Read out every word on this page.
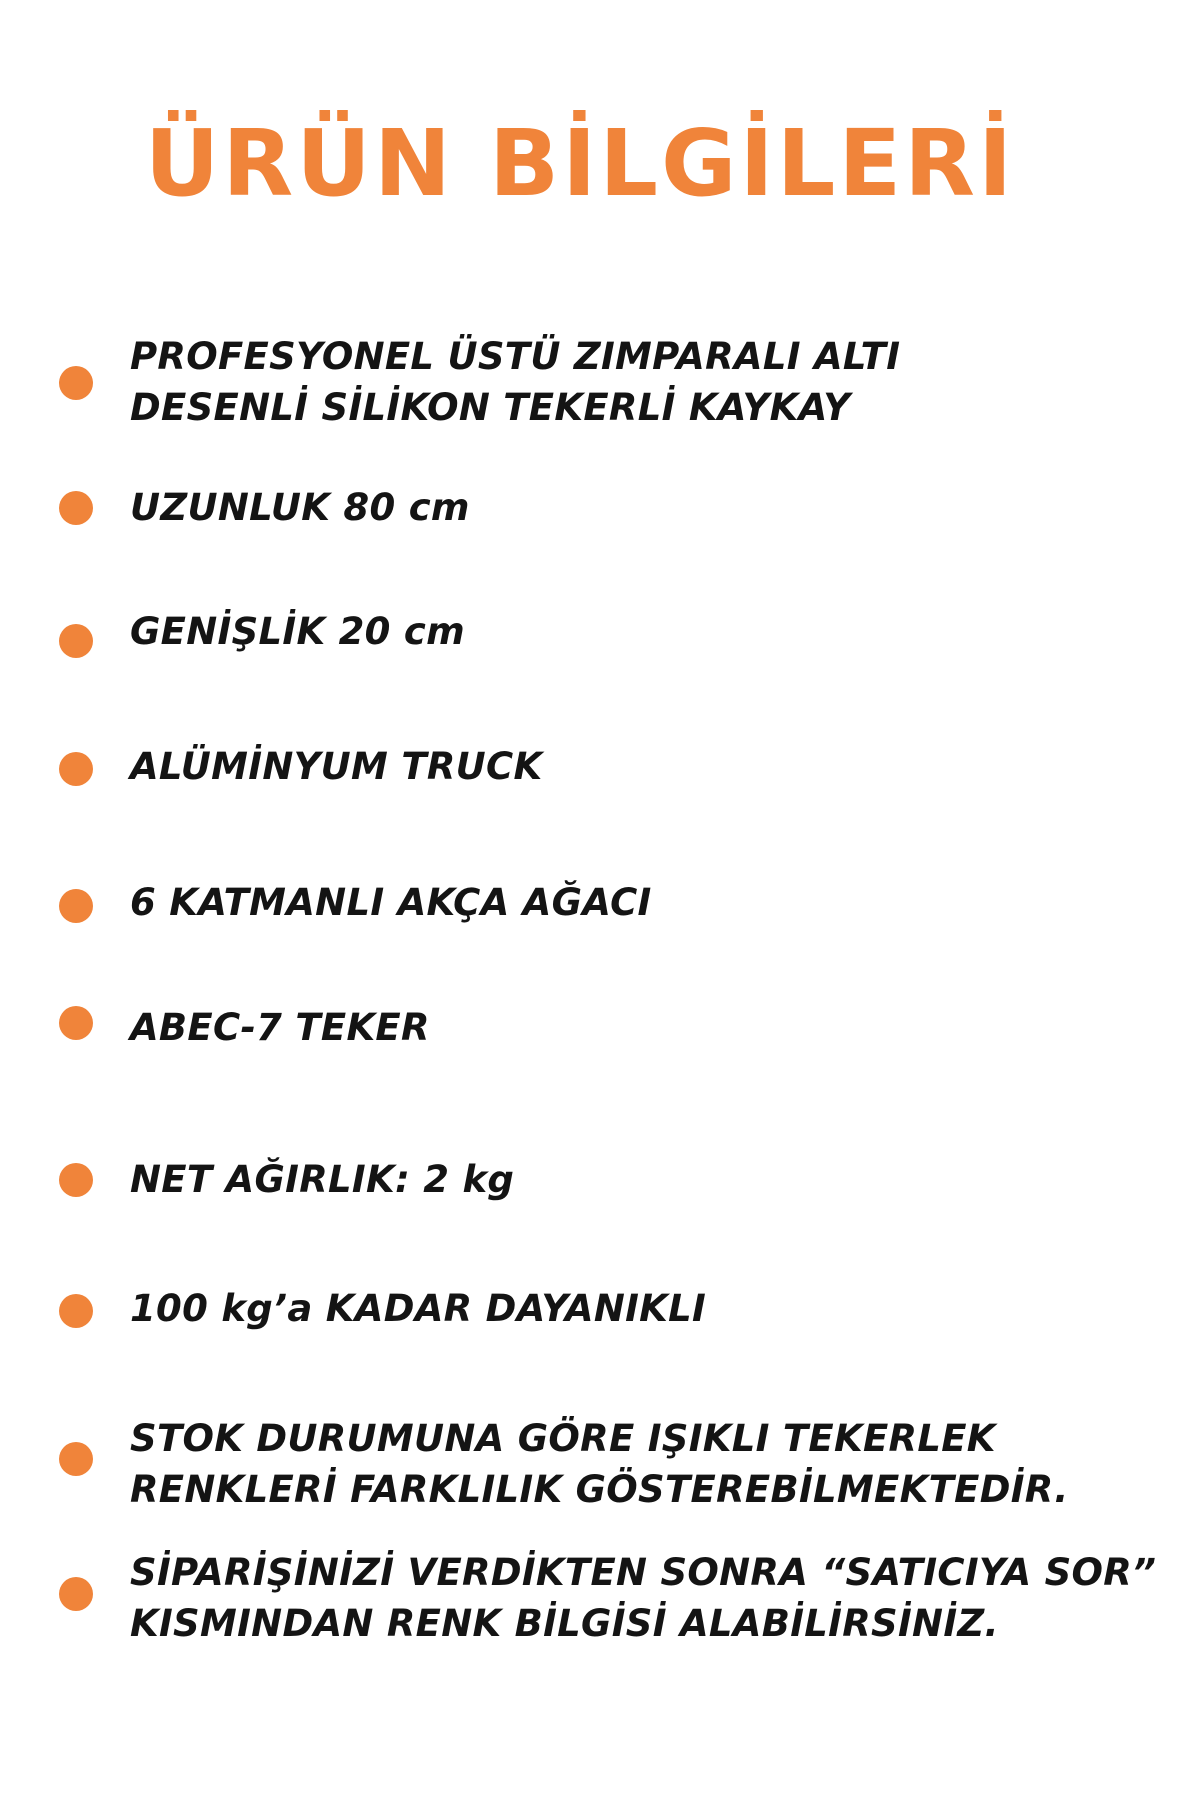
ÜRÜN BİLGİLERİ
PROFESYONEL ÜSTÜ ZIMPARALI ALTI
DESENLİ SİLİKON TEKERLİ KAYKAY
UZUNLUK 80 cm
GENİŞLİK 20 cm
ALÜMİNYUM TRUCK
6 KATMANLI AKÇA AĞACI
ABEC-7 TEKER
NET AĞIRLIK: 2 kg
100 kg’a KADAR DAYANIKLI
STOK DURUMUNA GÖRE IŞIKLI TEKERLEK
RENKLERİ FARKLILIK GÖSTEREBİLMEKTEDİR.
SİPARİŞİNİZİ VERDİKTEN SONRA “SATICIYA SOR”
KISMINDAN RENK BİLGİSİ ALABİLİRSİNİZ.
